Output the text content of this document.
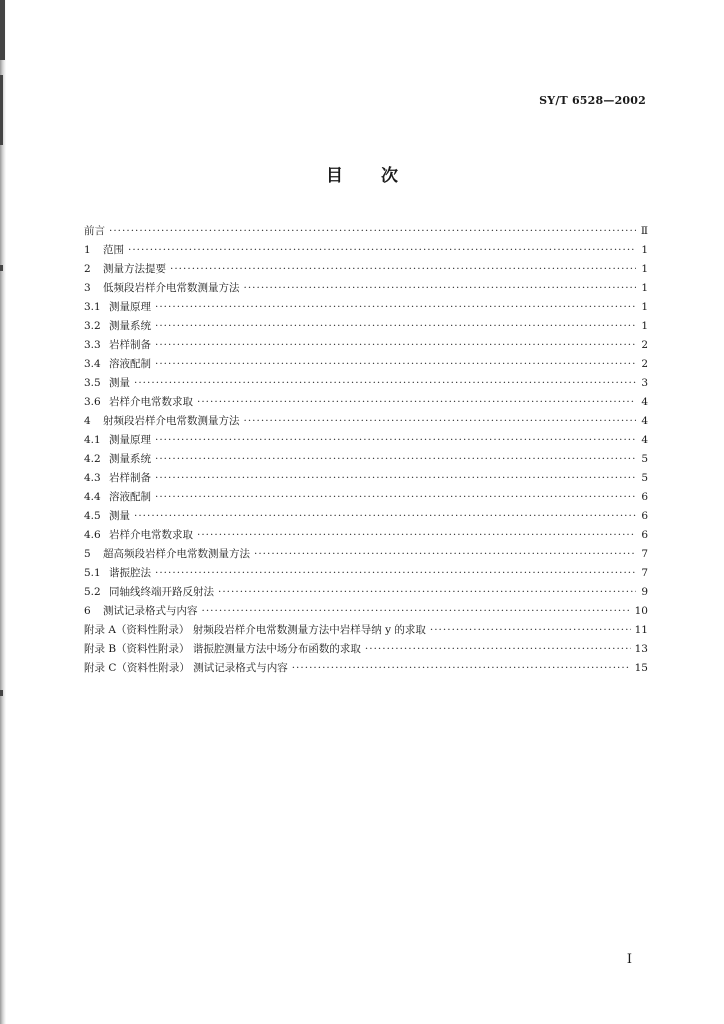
SY/T 6528—2002
目次
前言 ·····	Ⅱ
1 范围 ·····	1
2 测量方法提要 ·····	1
3 低频段岩样介电常数测量方法 ·····	1
3.1 测量原理 ·····	1
3.2 测量系统 ·····	1
3.3 岩样制备 ·····	2
3.4 溶液配制 ·····	2
3.5 测量 ·····	3
3.6 岩样介电常数求取 ·····	4
4 射频段岩样介电常数测量方法 ·····	4
4.1 测量原理 ·····	4
4.2 测量系统 ·····	5
4.3 岩样制备 ·····	5
4.4 溶液配制 ·····	6
4.5 测量 ·····	6
4.6 岩样介电常数求取 ·····	6
5 超高频段岩样介电常数测量方法 ·····	7
5.1 谐振腔法 ·····	7
5.2 同轴线终端开路反射法 ·····	9
6 测试记录格式与内容 ·····	10
附录 A（资料性附录） 射频段岩样介电常数测量方法中岩样导纳 y 的求取 ·····	11
附录 B（资料性附录） 谐振腔测量方法中场分布函数的求取 ·····	13
附录 C（资料性附录） 测试记录格式与内容 ·····	15
I
